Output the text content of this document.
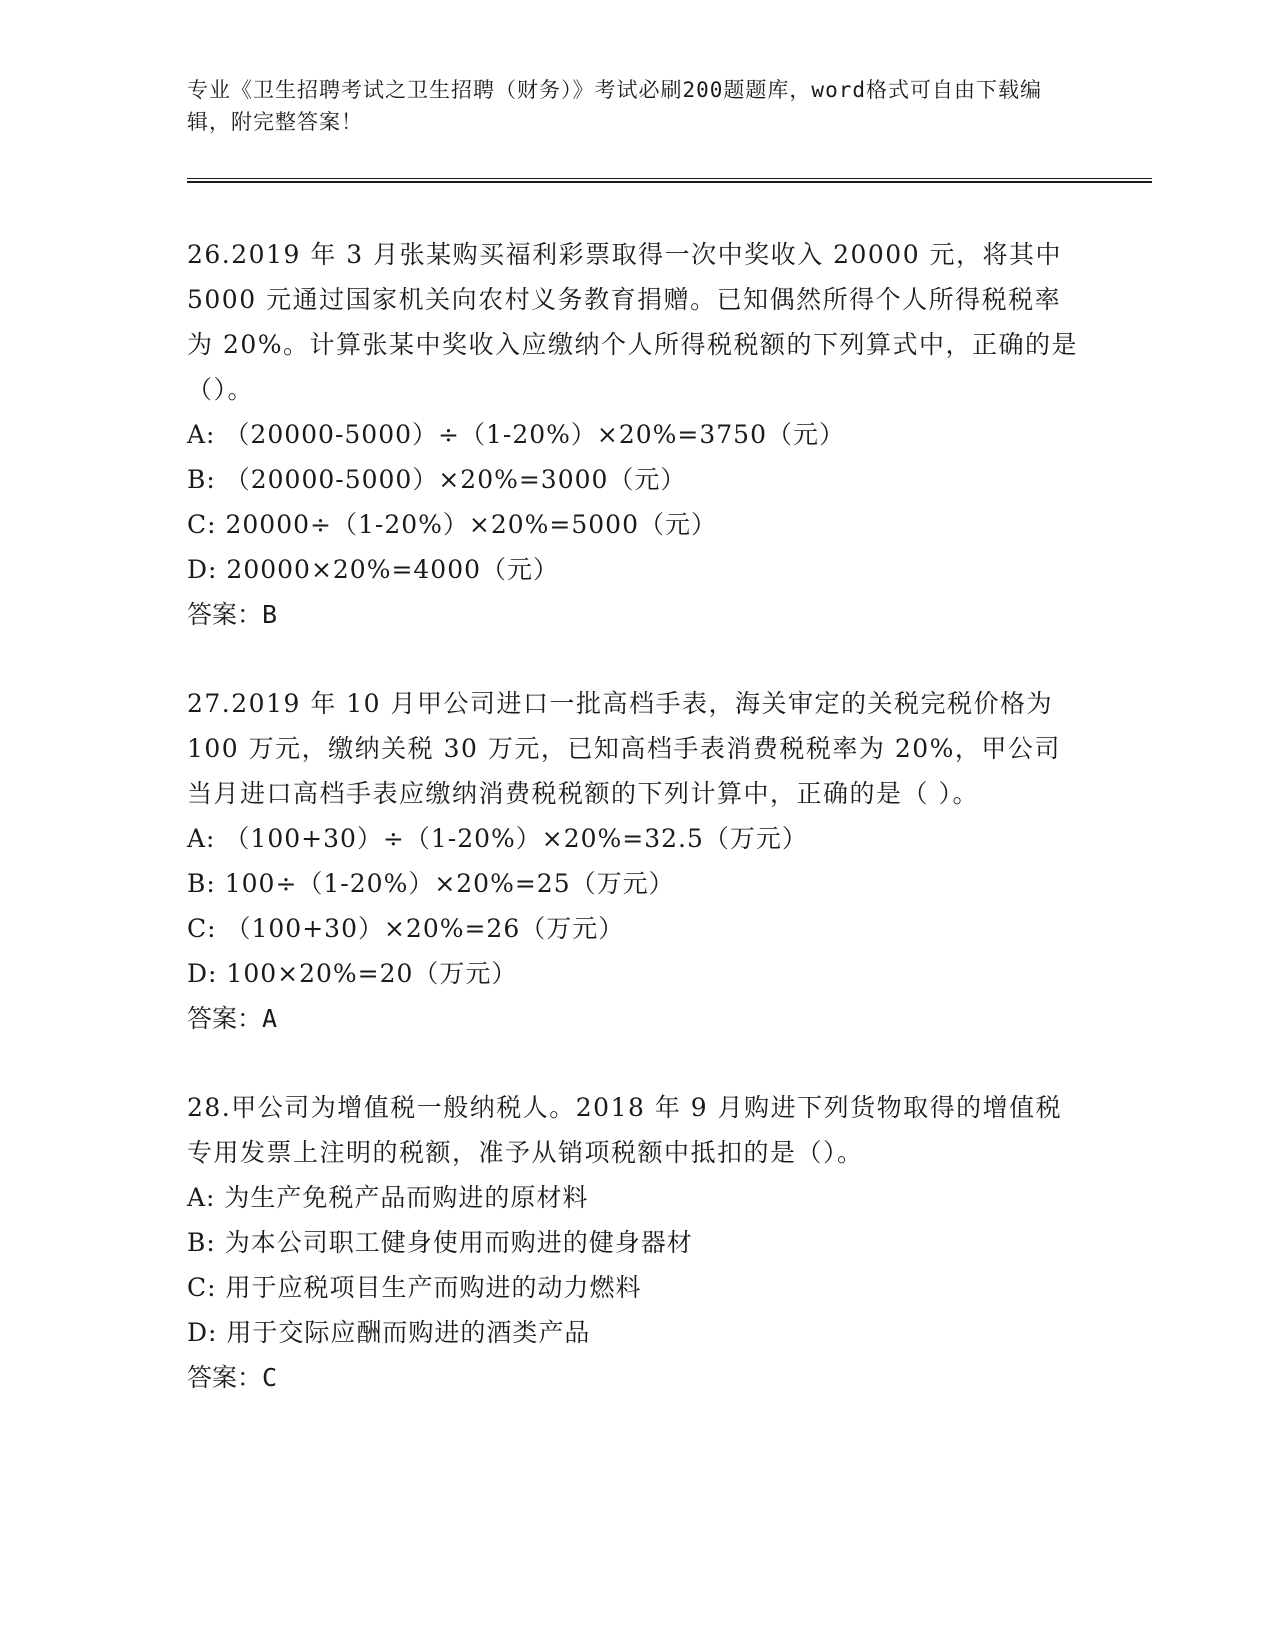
专业《卫生招聘考试之卫生招聘（财务）》考试必刷200题题库，word格式可自由下载编辑，附完整答案！

26.2019 年 3 月张某购买福利彩票取得一次中奖收入 20000 元，将其中 5000 元通过国家机关向农村义务教育捐赠。已知偶然所得个人所得税税率为 20%。计算张某中奖收入应缴纳个人所得税税额的下列算式中，正确的是（）。

A: （20000-5000）÷（1-20%）×20%=3750（元）

B: （20000-5000）×20%=3000（元）

C: 20000÷（1-20%）×20%=5000（元）

D: 20000×20%=4000（元）

答案：B

27.2019 年 10 月甲公司进口一批高档手表，海关审定的关税完税价格为 100 万元，缴纳关税 30 万元，已知高档手表消费税税率为 20%，甲公司当月进口高档手表应缴纳消费税税额的下列计算中，正确的是（ ）。

A: （100+30）÷（1-20%）×20%=32.5（万元）

B: 100÷（1-20%）×20%=25（万元）

C: （100+30）×20%=26（万元）

D: 100×20%=20（万元）

答案：A

28.甲公司为增值税一般纳税人。2018 年 9 月购进下列货物取得的增值税专用发票上注明的税额，准予从销项税额中抵扣的是（）。

A: 为生产免税产品而购进的原材料

B: 为本公司职工健身使用而购进的健身器材

C: 用于应税项目生产而购进的动力燃料

D: 用于交际应酬而购进的酒类产品

答案：C
